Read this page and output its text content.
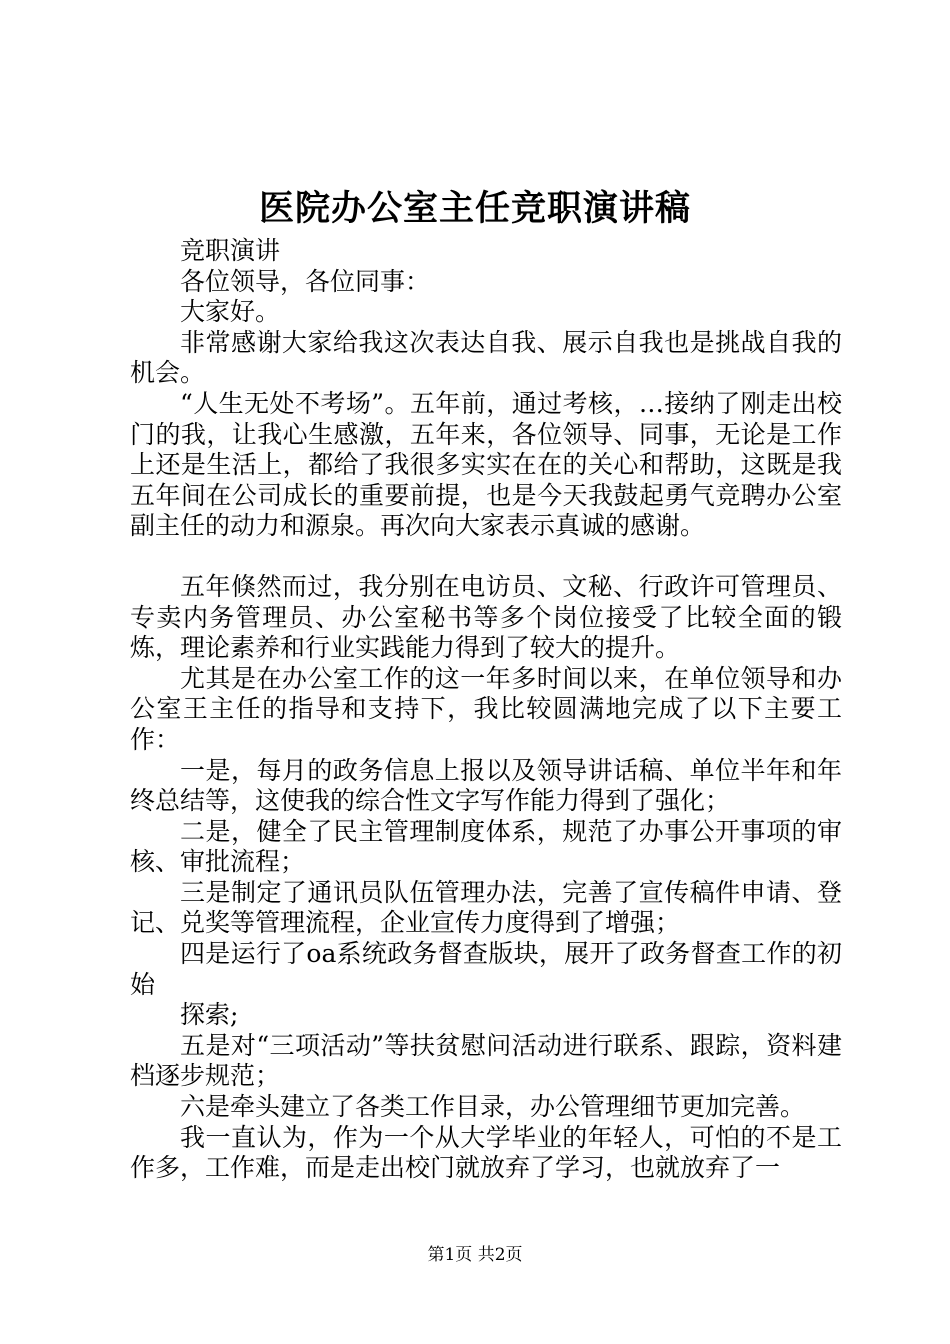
医院办公室主任竞职演讲稿

竞职演讲

各位领导，各位同事：

大家好。

非常感谢大家给我这次表达自我、展示自我也是挑战自我的机会。

“人生无处不考场”。五年前，通过考核，…接纳了刚走出校门的我，让我心生感激，五年来，各位领导、同事，无论是工作上还是生活上，都给了我很多实实在在的关心和帮助，这既是我五年间在公司成长的重要前提，也是今天我鼓起勇气竞聘办公室副主任的动力和源泉。再次向大家表示真诚的感谢。

五年倏然而过，我分别在电访员、文秘、行政许可管理员、专卖内务管理员、办公室秘书等多个岗位接受了比较全面的锻炼，理论素养和行业实践能力得到了较大的提升。

尤其是在办公室工作的这一年多时间以来，在单位领导和办公室王主任的指导和支持下，我比较圆满地完成了以下主要工作：

一是，每月的政务信息上报以及领导讲话稿、单位半年和年终总结等，这使我的综合性文字写作能力得到了强化；

二是，健全了民主管理制度体系，规范了办事公开事项的审核、审批流程；

三是制定了通讯员队伍管理办法，完善了宣传稿件申请、登记、兑奖等管理流程，企业宣传力度得到了增强；

四是运行了oa系统政务督查版块，展开了政务督查工作的初始

探索;

五是对“三项活动”等扶贫慰问活动进行联系、跟踪，资料建档逐步规范；

六是牵头建立了各类工作目录，办公管理细节更加完善。

我一直认为，作为一个从大学毕业的年轻人，可怕的不是工作多，工作难，而是走出校门就放弃了学习，也就放弃了一

第1页 共2页
